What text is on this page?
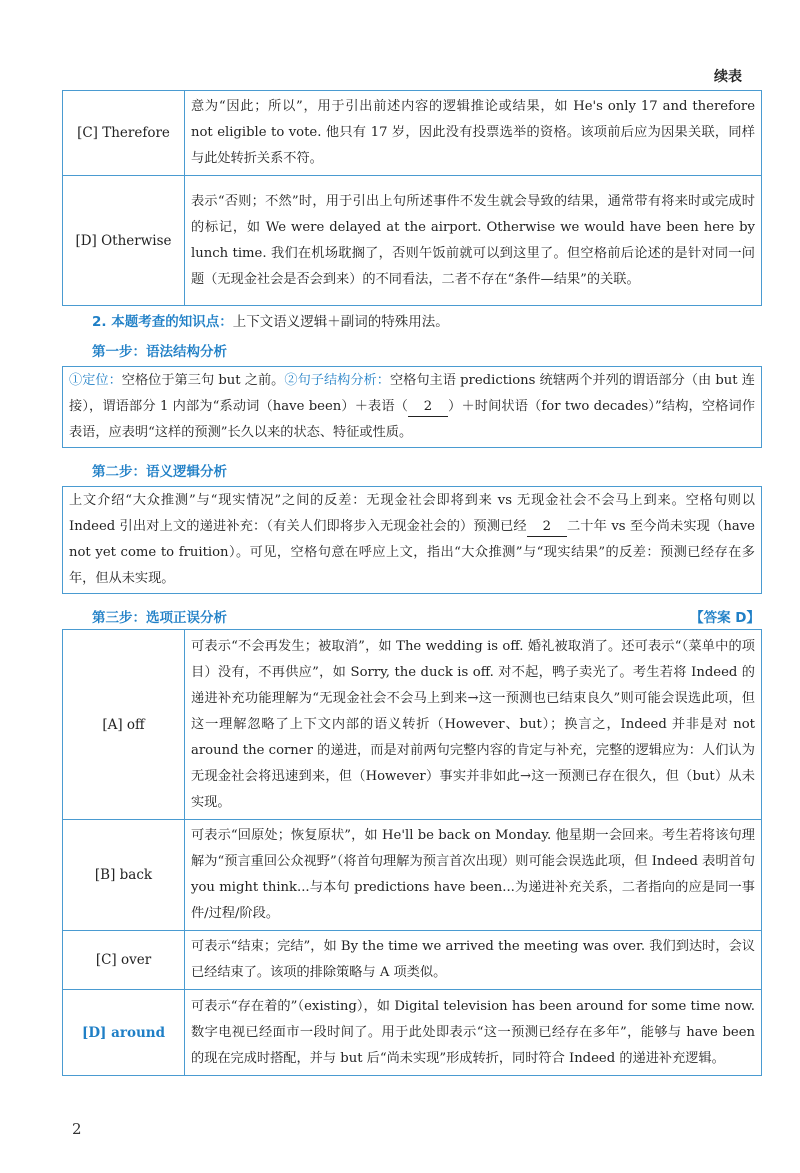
续表
[C] Therefore	意为“因此；所以”，用于引出前述内容的逻辑推论或结果，如 He's only 17 and therefore not eligible to vote. 他只有 17 岁，因此没有投票选举的资格。该项前后应为因果关联，同样与此处转折关系不符。
[D] Otherwise	表示“否则；不然”时，用于引出上句所述事件不发生就会导致的结果，通常带有将来时或完成时的标记，如 We were delayed at the airport. Otherwise we would have been here by lunch time. 我们在机场耽搁了，否则午饭前就可以到这里了。但空格前后论述的是针对同一问题（无现金社会是否会到来）的不同看法，二者不存在“条件—结果”的关联。
2. 本题考查的知识点：上下文语义逻辑＋副词的特殊用法。
第一步：语法结构分析
①定位：空格位于第三句 but 之前。②句子结构分析：空格句主语 predictions 统辖两个并列的谓语部分（由 but 连接），谓语部分 1 内部为“系动词（have been）＋表语（ 2 ）＋时间状语（for two decades）”结构，空格词作表语，应表明“这样的预测”长久以来的状态、特征或性质。
第二步：语义逻辑分析
上文介绍“大众推测”与“现实情况”之间的反差：无现金社会即将到来 vs 无现金社会不会马上到来。空格句则以 Indeed 引出对上文的递进补充：（有关人们即将步入无现金社会的）预测已经 2 二十年 vs 至今尚未实现（have not yet come to fruition）。可见，空格句意在呼应上文，指出“大众推测”与“现实结果”的反差：预测已经存在多年，但从未实现。
第三步：选项正误分析	【答案 D】
[A] off	可表示“不会再发生；被取消”，如 The wedding is off. 婚礼被取消了。还可表示“（菜单中的项目）没有，不再供应”，如 Sorry, the duck is off. 对不起，鸭子卖光了。考生若将 Indeed 的递进补充功能理解为“无现金社会不会马上到来→这一预测也已结束良久”则可能会误选此项，但这一理解忽略了上下文内部的语义转折（However、but）；换言之，Indeed 并非是对 not around the corner 的递进，而是对前两句完整内容的肯定与补充，完整的逻辑应为：人们认为无现金社会将迅速到来，但（However）事实并非如此→这一预测已存在很久，但（but）从未实现。
[B] back	可表示“回原处；恢复原状”，如 He'll be back on Monday. 他星期一会回来。考生若将该句理解为“预言重回公众视野”（将首句理解为预言首次出现）则可能会误选此项，但 Indeed 表明首句 you might think...与本句 predictions have been...为递进补充关系，二者指向的应是同一事件/过程/阶段。
[C] over	可表示“结束；完结”，如 By the time we arrived the meeting was over. 我们到达时，会议已经结束了。该项的排除策略与 A 项类似。
[D] around	可表示“存在着的”（existing），如 Digital television has been around for some time now. 数字电视已经面市一段时间了。用于此处即表示“这一预测已经存在多年”，能够与 have been 的现在完成时搭配，并与 but 后“尚未实现”形成转折，同时符合 Indeed 的递进补充逻辑。
2
